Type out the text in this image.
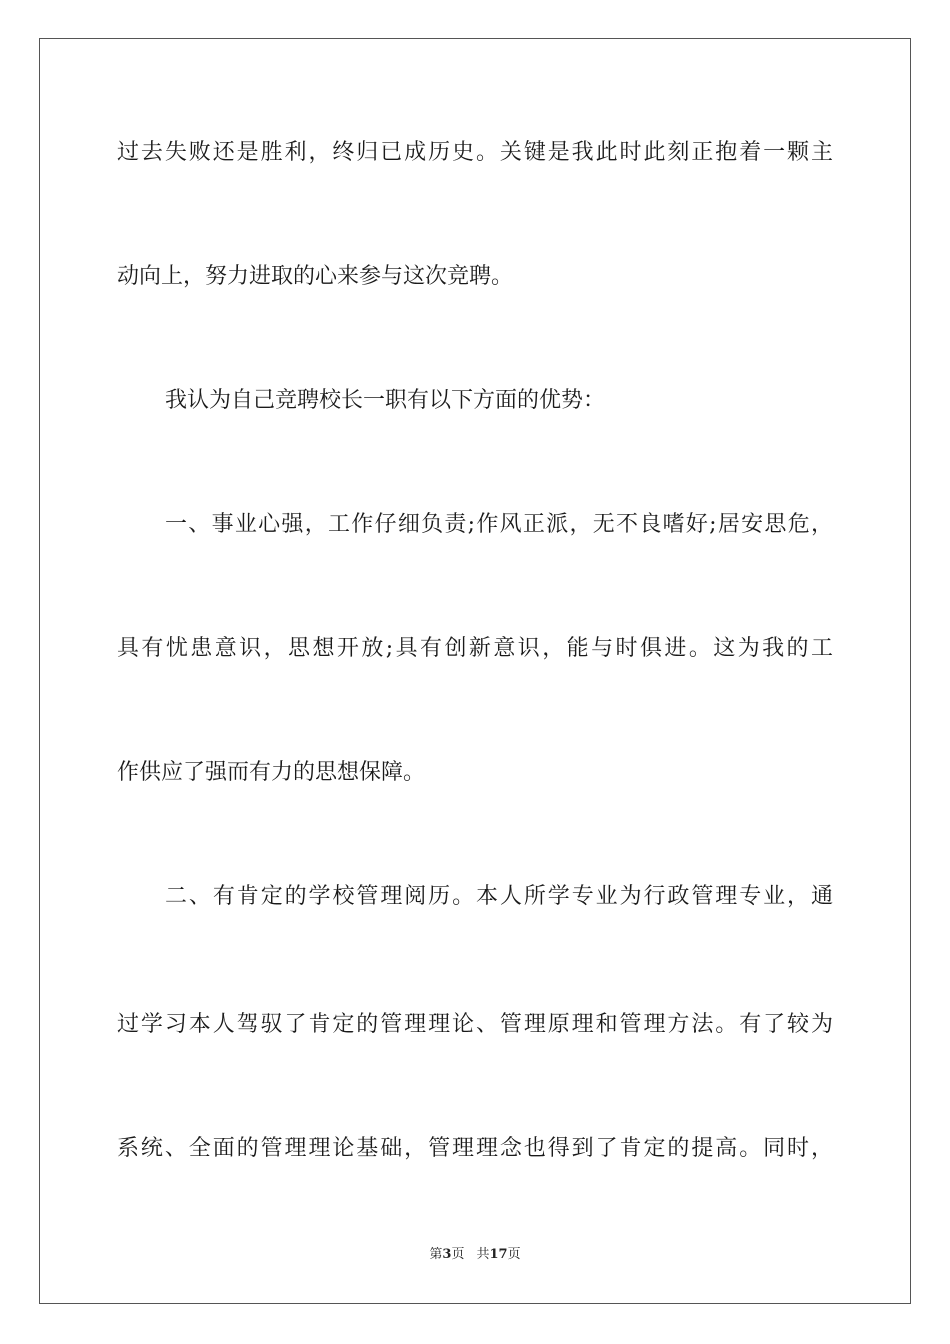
过去失败还是胜利，终归已成历史。关键是我此时此刻正抱着一颗主
动向上，努力进取的心来参与这次竞聘。
我认为自己竞聘校长一职有以下方面的优势：
一、事业心强，工作仔细负责;作风正派，无不良嗜好;居安思危，
具有忧患意识，思想开放;具有创新意识，能与时俱进。这为我的工
作供应了强而有力的思想保障。
二、有肯定的学校管理阅历。本人所学专业为行政管理专业，通
过学习本人驾驭了肯定的管理理论、管理原理和管理方法。有了较为
系统、全面的管理理论基础，管理理念也得到了肯定的提高。同时，
第3页 共17页
